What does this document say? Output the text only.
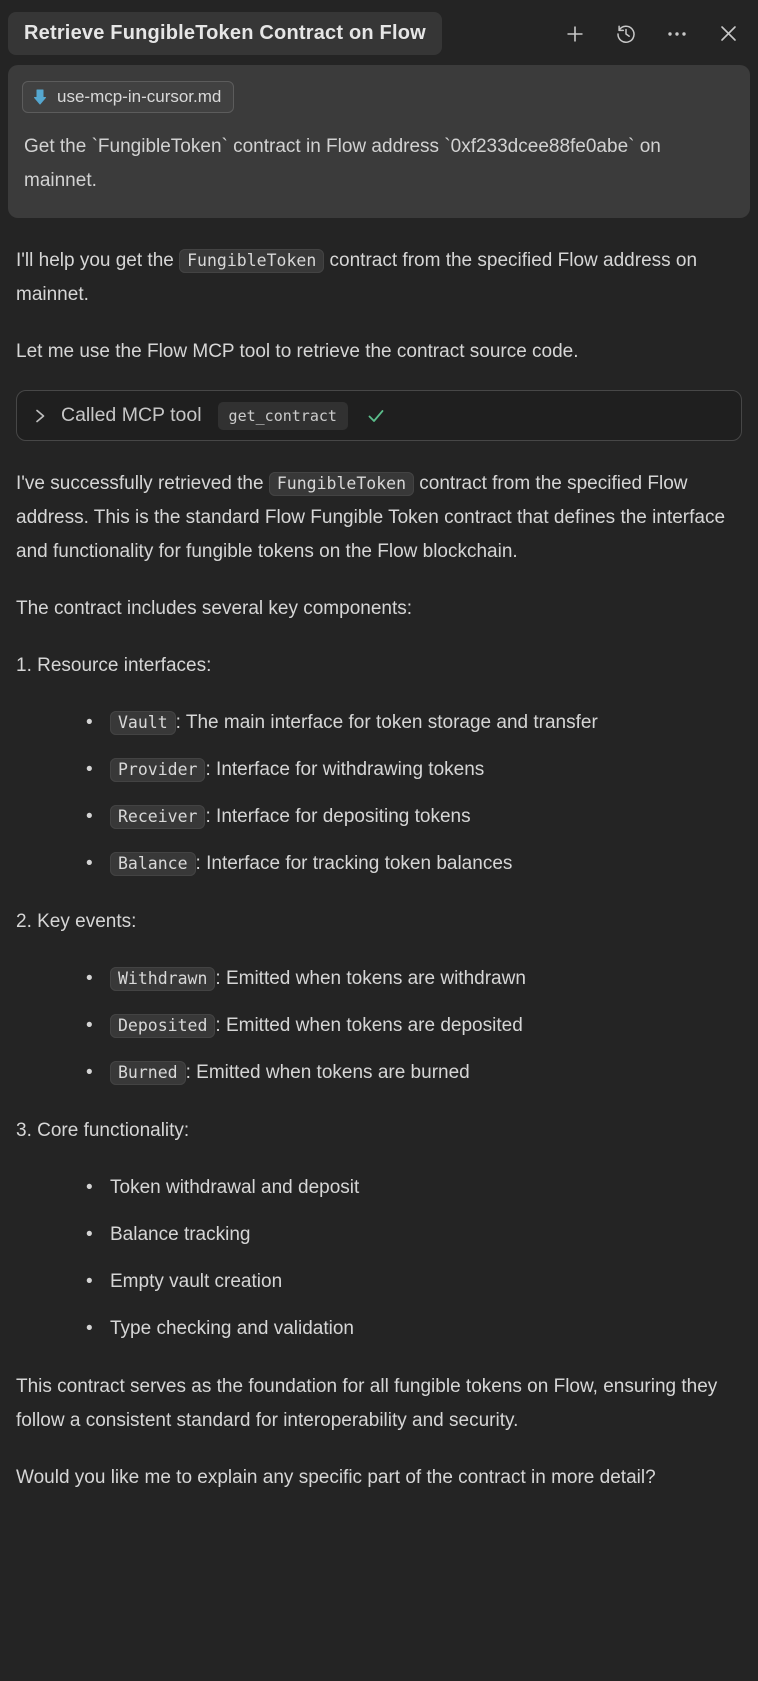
Retrieve FungibleToken Contract on Flow
use-mcp-in-cursor.md
Get the `FungibleToken` contract in Flow address `0xf233dcee88fe0abe` on mainnet.

I'll help you get the FungibleToken contract from the specified Flow address on mainnet.

Let me use the Flow MCP tool to retrieve the contract source code.

Called MCP tool	get_contract

I've successfully retrieved the FungibleToken contract from the specified Flow address. This is the standard Flow Fungible Token contract that defines the interface and functionality for fungible tokens on the Flow blockchain.

The contract includes several key components:

1. Resource interfaces:

• Vault : The main interface for token storage and transfer
• Provider : Interface for withdrawing tokens
• Receiver : Interface for depositing tokens
• Balance : Interface for tracking token balances

2. Key events:

• Withdrawn : Emitted when tokens are withdrawn
• Deposited : Emitted when tokens are deposited
• Burned : Emitted when tokens are burned

3. Core functionality:

• Token withdrawal and deposit
• Balance tracking
• Empty vault creation
• Type checking and validation

This contract serves as the foundation for all fungible tokens on Flow, ensuring they follow a consistent standard for interoperability and security.

Would you like me to explain any specific part of the contract in more detail?
